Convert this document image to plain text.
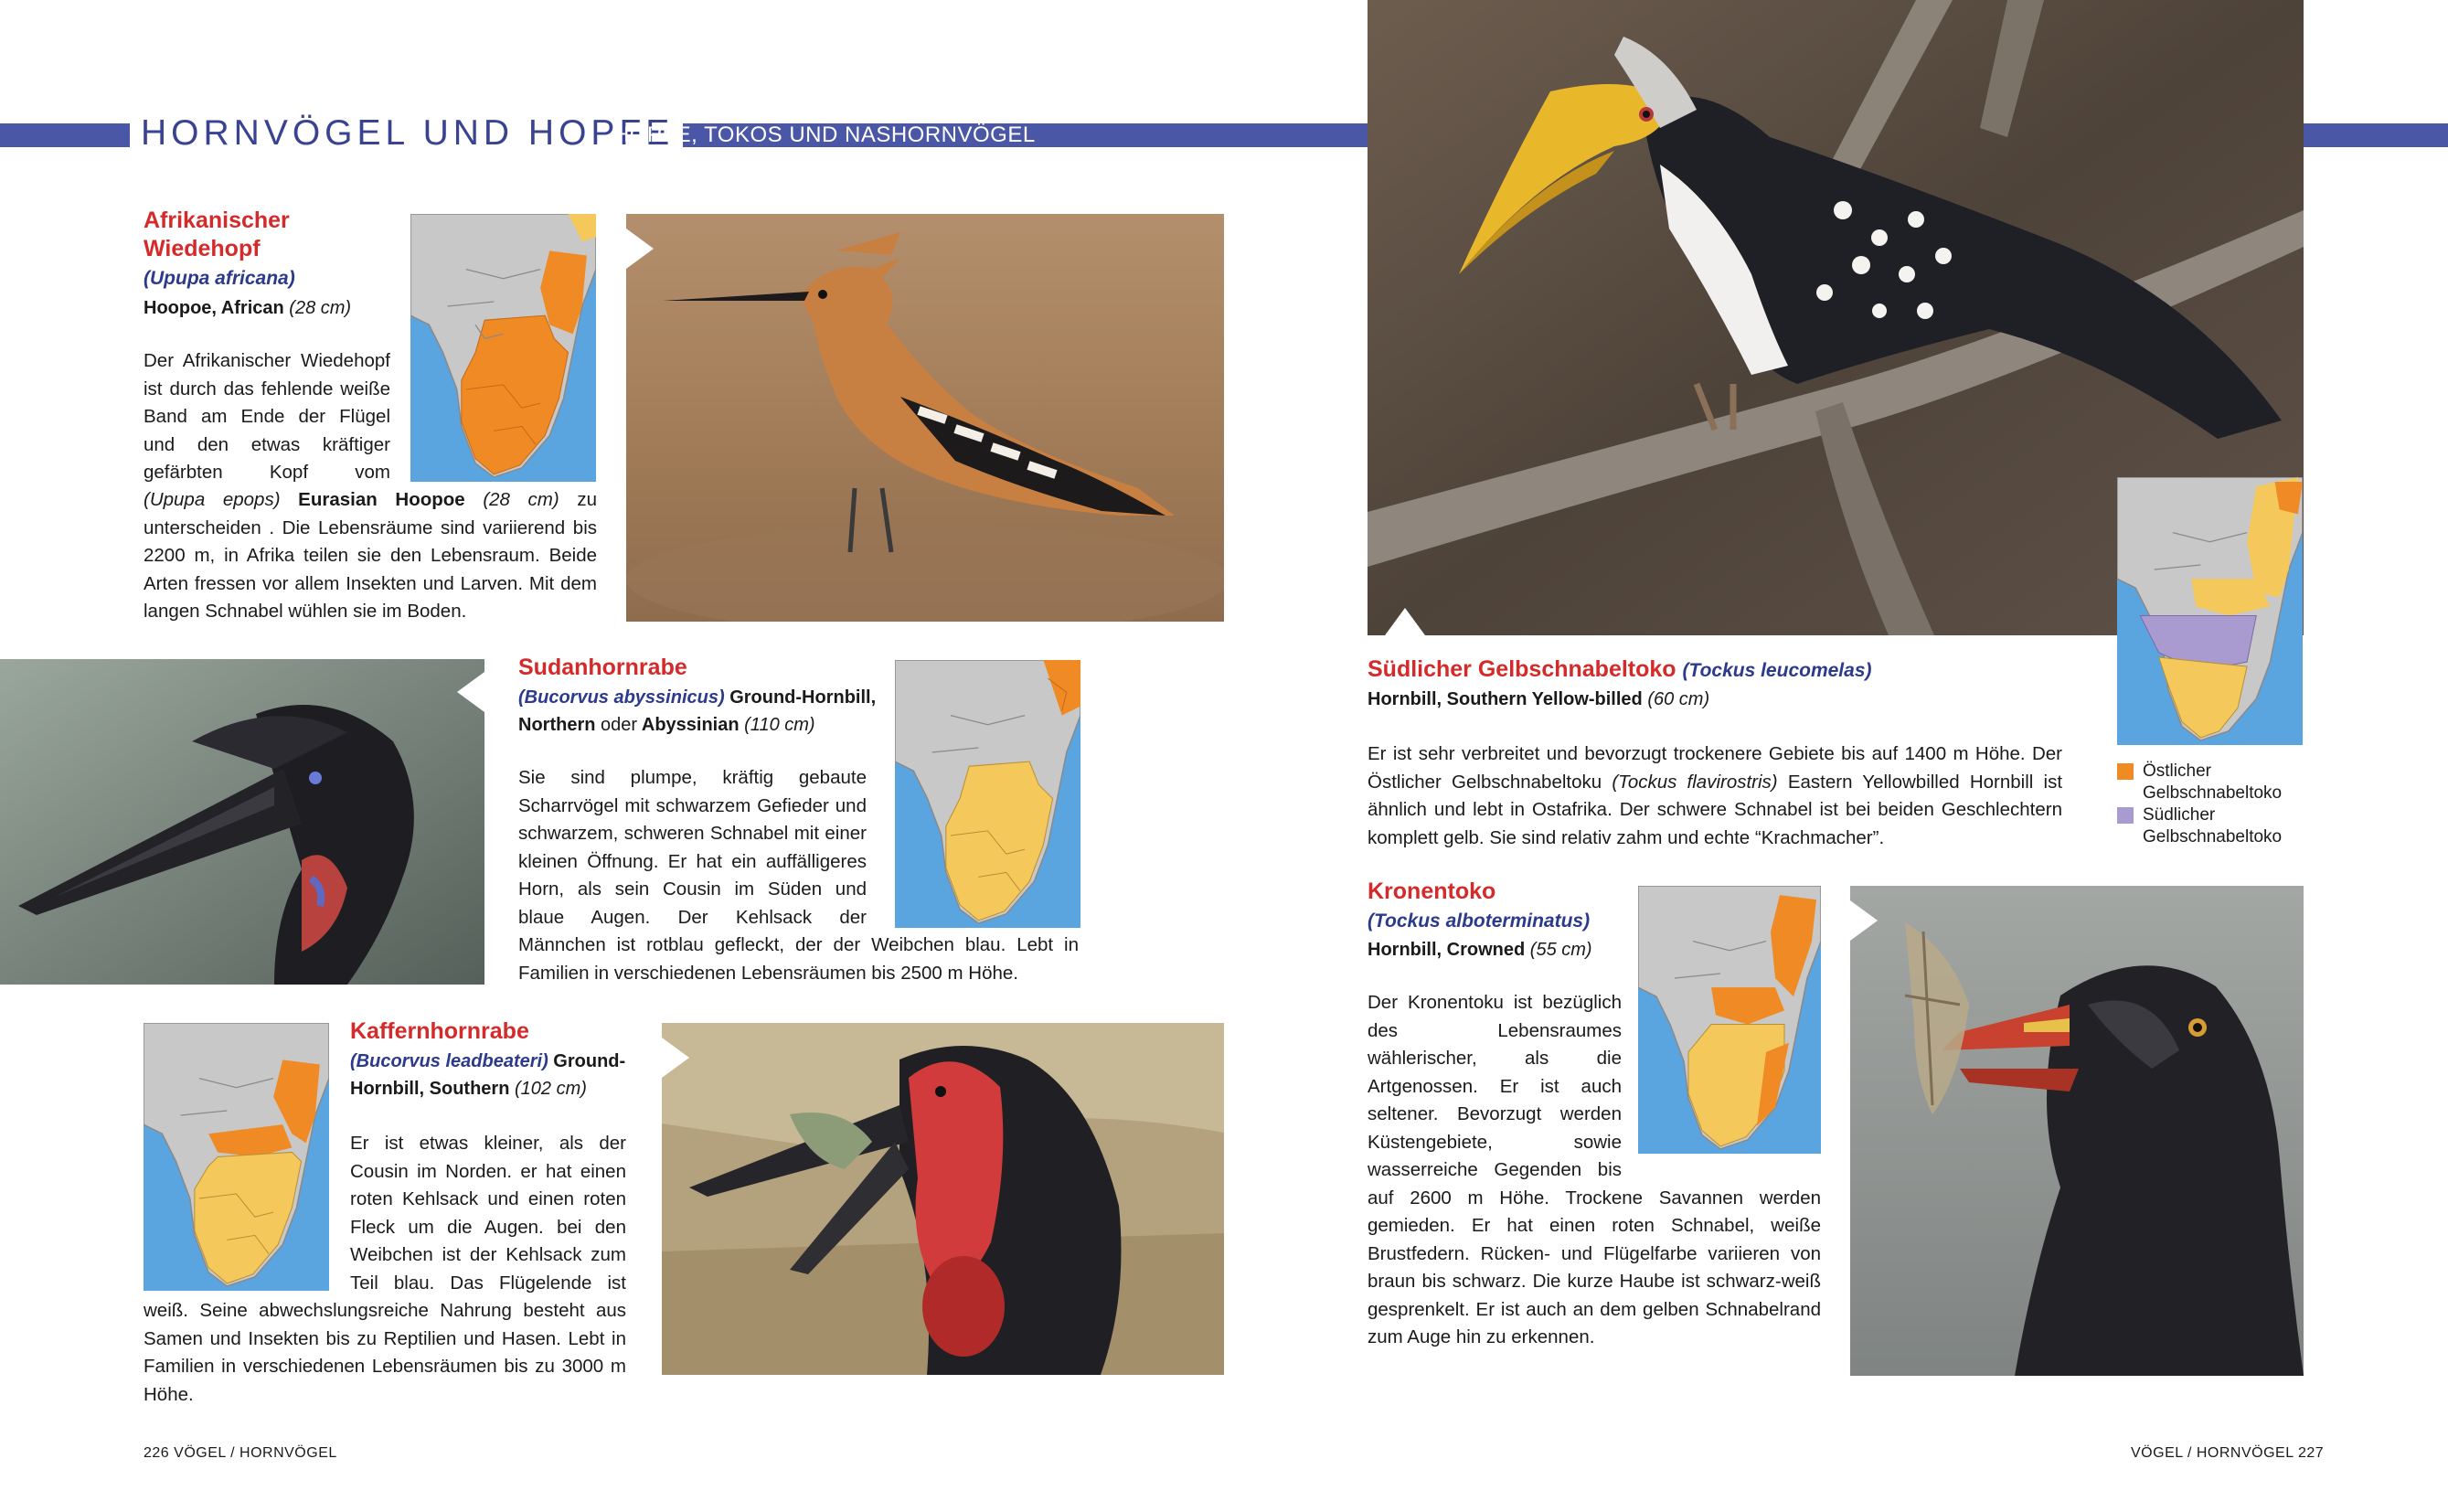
HORNVÖGEL UND HOPFE
HOPFE, TOKOS UND NASHORNVÖGEL
Afrikanischer Wiedehopf
(Upupa africana)
Hoopoe, African (28 cm)
Der Afrikanischer Wiedehopf ist durch das fehlende weiße Band am Ende der Flügel und den etwas kräftiger gefärbten Kopf vom
(Upupa epops) Eurasian Hoopoe (28 cm) zu unterscheiden . Die Lebensräume sind variierend bis 2200 m, in Afrika teilen sie den Lebensraum. Beide Arten fressen vor allem Insekten und Larven. Mit dem langen Schnabel wühlen sie im Boden.
Sudanhornrabe
(Bucorvus abyssinicus) Ground-Hornbill,
Northern oder Abyssinian (110 cm)
Sie sind plumpe, kräftig gebaute Scharrvögel mit schwarzem Gefieder und schwarzem, schweren Schnabel mit einer kleinen Öffnung. Er hat ein auffälligeres Horn, als sein Cousin im Süden und blaue Augen. Der Kehlsack der Männchen ist rotblau gefleckt, der der Weibchen blau. Lebt in Familien in verschiedenen Lebensräumen bis 2500 m Höhe.
Kaffernhornrabe
(Bucorvus leadbeateri) Ground-Hornbill, Southern (102 cm)
Er ist etwas kleiner, als der Cousin im Norden. er hat einen roten Kehlsack und einen roten Fleck um die Augen. bei den Weibchen ist der Kehlsack zum Teil blau. Das Flügelende ist weiß. Seine abwechslungsreiche Nahrung besteht aus Samen und Insekten bis zu Reptilien und Hasen. Lebt in Familien in verschiedenen Lebensräumen bis zu 3000 m Höhe.
Östlicher Gelbschnabeltoko
Südlicher Gelbschnabeltoko
Südlicher Gelbschnabeltoko (Tockus leucomelas)
Hornbill, Southern Yellow-billed (60 cm)
Er ist sehr verbreitet und bevorzugt trockenere Gebiete bis auf 1400 m Höhe. Der Östlicher Gelbschnabeltoku (Tockus flavirostris) Eastern Yellowbilled Hornbill ist ähnlich und lebt in Ostafrika. Der schwere Schnabel ist bei beiden Geschlechtern komplett gelb. Sie sind relativ zahm und echte “Krachmacher”.
Kronentoko
(Tockus alboterminatus)
Hornbill, Crowned (55 cm)
Der Kronentoku ist bezüglich des Lebensraumes wählerischer, als die Artgenossen. Er ist auch seltener. Bevorzugt werden Küstengebiete, sowie wasserreiche Gegenden bis auf 2600 m Höhe. Trockene Savannen werden gemieden. Er hat einen roten Schnabel, weiße Brustfedern. Rücken- und Flügelfarbe variieren von braun bis schwarz. Die kurze Haube ist schwarz-weiß gesprenkelt. Er ist auch an dem gelben Schnabelrand zum Auge hin zu erkennen.
226 VÖGEL / HORNVÖGEL	VÖGEL / HORNVÖGEL 227
